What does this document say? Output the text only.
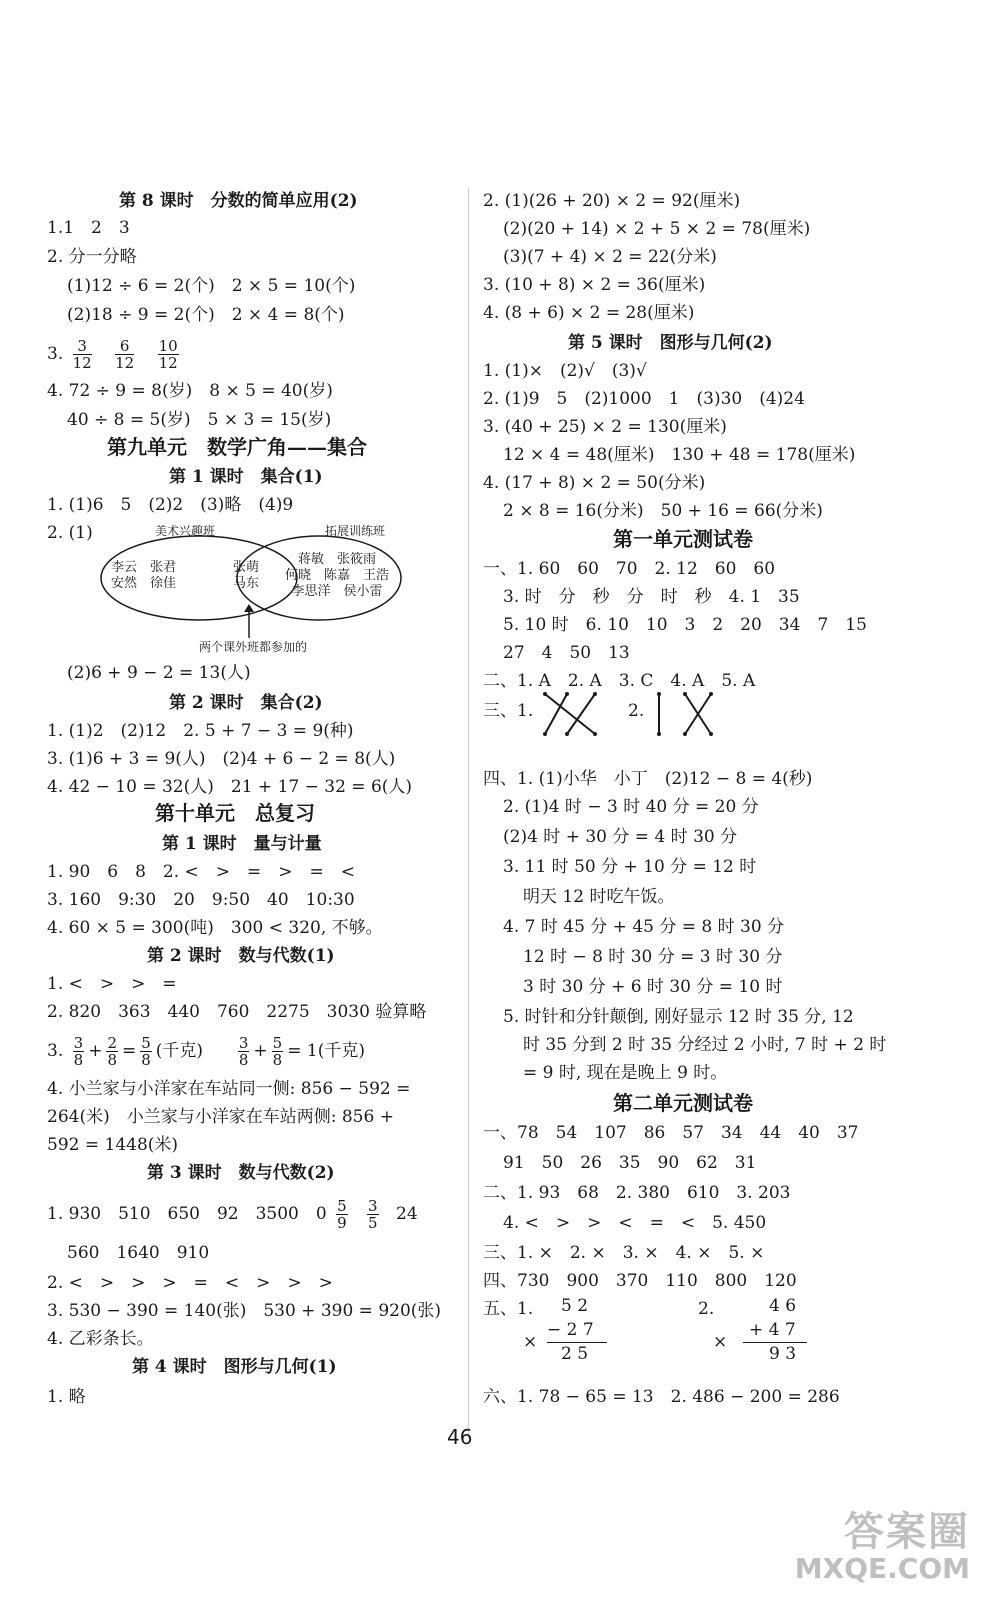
第 8 课时　分数的简单应用(2)
1.1　2　3
2. 分一分略
(1)12 ÷ 6 = 2(个)　2 × 5 = 10(个)
(2)18 ÷ 9 = 2(个)　2 × 4 = 8(个)
3. $\frac{3}{12}$
$\frac{6}{12}$
$\frac{10}{12}$
4. 72 ÷ 9 = 8(岁)　8 × 5 = 40(岁)
40 ÷ 8 = 5(岁)　5 × 3 = 15(岁)
第九单元　数学广角——集合
第 1 课时　集合(1)
1. (1)6　5　(2)2　(3)略　(4)9
2. (1)	美术兴趣班	拓展训练班
李云　张君
安然　徐佳
张萌
马东
蒋敏　张筱雨
何晓　陈嘉　王浩
李思洋　侯小雷
两个课外班都参加的
(2)6 + 9 − 2 = 13(人)
第 2 课时　集合(2)
1. (1)2　(2)12　2. 5 + 7 − 3 = 9(种)
3. (1)6 + 3 = 9(人)　(2)4 + 6 − 2 = 8(人)
4. 42 − 10 = 32(人)　21 + 17 − 32 = 6(人)
第十单元　总复习
第 1 课时　量与计量
1. 90　6　8　2. <　>　=　>　=　<
3. 160　9:30　20　9:50　40　10:30
4. 60 × 5 = 300(吨)　300 < 320, 不够。
第 2 课时　数与代数(1)
1. <　>　>　=
2. 820　363　440　760　2275　3030 验算略
3. $\frac{3}{8} + \frac{2}{8} = \frac{5}{8}$ (千克) $\frac{3}{8} + \frac{5}{8} = 1$(千克)
4. 小兰家与小洋家在车站同一侧: 856 − 592 =
264(米)　小兰家与小洋家在车站两侧: 856 +
592 = 1448(米)
第 3 课时　数与代数(2)
1. 930　510　650　92　3500　$0 \frac{5}{9}$
$\frac{3}{5} 24$
560　1640　910
2. <　>　>　>　=　<　>　>　>
3. 530 − 390 = 140(张)　530 + 390 = 920(张)
4. 乙彩条长。
第 4 课时　图形与几何(1)
1. 略
2. (1)(26 + 20) × 2 = 92(厘米)
(2)(20 + 14) × 2 + 5 × 2 = 78(厘米)
(3)(7 + 4) × 2 = 22(分米)
3. (10 + 8) × 2 = 36(厘米)
4. (8 + 6) × 2 = 28(厘米)
第 5 课时　图形与几何(2)
1. (1)×　(2)√　(3)√
2. (1)9　5　(2)1000　1　(3)30　(4)24
3. (40 + 25) × 2 = 130(厘米)
12 × 4 = 48(厘米)　130 + 48 = 178(厘米)
4. (17 + 8) × 2 = 50(分米)
2 × 8 = 16(分米)　50 + 16 = 66(分米)
第一单元测试卷
一、1. 60　60　70　2. 12　60　60
3. 时　分　秒　分　时　秒　4. 1　35
5. 10 时　6. 10　10　3　2　20　34　7　15
27　4　50　13
二、1. A　2. A　3. C　4. A　5. A
三、1.	2.
四、1. (1)小华　小丁　(2)12 − 8 = 4(秒)
2. (1)4 时 − 3 时 40 分 = 20 分
(2)4 时 + 30 分 = 4 时 30 分
3. 11 时 50 分 + 10 分 = 12 时
明天 12 时吃午饭。
4. 7 时 45 分 + 45 分 = 8 时 30 分
12 时 − 8 时 30 分 = 3 时 30 分
3 时 30 分 + 6 时 30 分 = 10 时
5. 时针和分针颠倒, 刚好显示 12 时 35 分, 12
时 35 分到 2 时 35 分经过 2 小时, 7 时 + 2 时
= 9 时, 现在是晚上 9 时。
第二单元测试卷
一、78　54　107　86　57　34　44　40　37
91　50　26　35　90　62　31
二、1. 93　68　2. 380　610　3. 203
4. <　>　>　<　=　<　5. 450
三、1. ×　2. ×　3. ×　4. ×　5. ×
四、730　900　370　110　800　120
五、1. 5 2
×
− 2 7
2 5
2.	4 6
×
+ 4 7
9 3
六、1. 78 − 65 = 13　2. 486 − 200 = 286
46
答案圈
MXQE.COM
